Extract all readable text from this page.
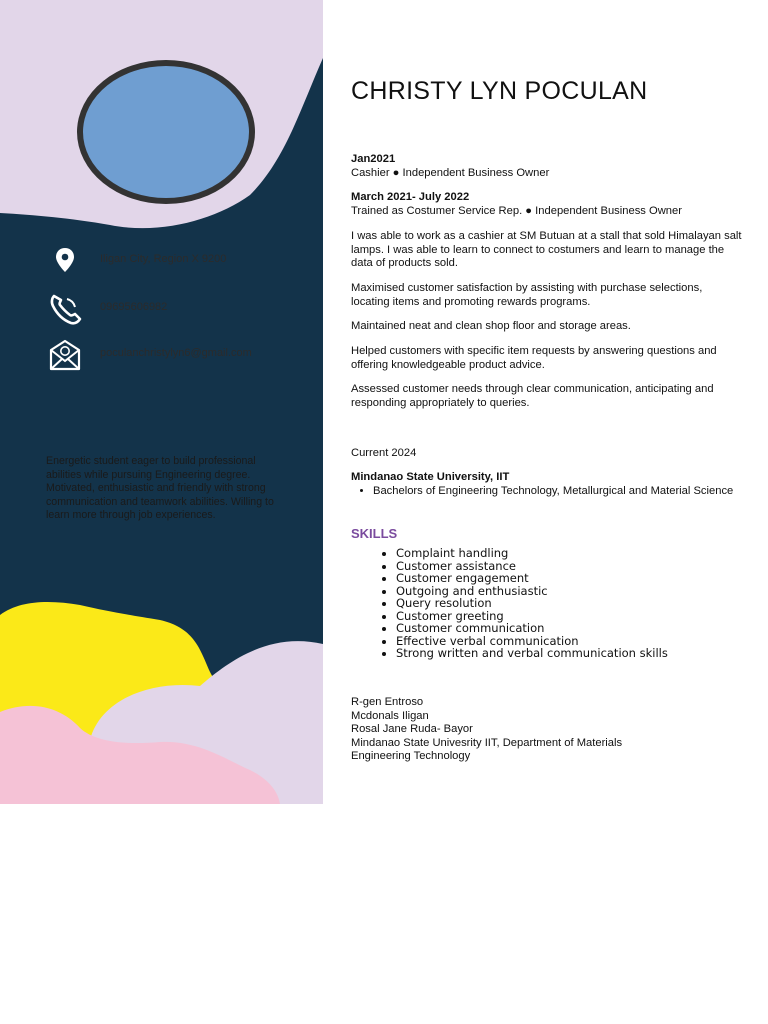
Iligan City, Region X 9200
09695606982
poculanchristylyn6@gmail.com
Energetic student eager to build professional abilities while pursuing Engineering degree. Motivated, enthusiastic and friendly with strong communication and teamwork abilities. Willing to learn more through job experiences.
CHRISTY LYN POCULAN
Jan2021
Cashier ● Independent Business Owner
March 2021- July 2022
Trained as Costumer Service Rep. ● Independent Business Owner
I was able to work as a cashier at SM Butuan at a stall that sold Himalayan salt lamps. I was able to learn to connect to costumers and learn to manage the data of products sold.
Maximised customer satisfaction by assisting with purchase selections, locating items and promoting rewards programs.
Maintained neat and clean shop floor and storage areas.
Helped customers with specific item requests by answering questions and offering knowledgeable product advice.
Assessed customer needs through clear communication, anticipating and responding appropriately to queries.
Current 2024
Mindanao State University, IIT
• Bachelors of Engineering Technology, Metallurgical and Material Science
SKILLS
• Complaint handling
• Customer assistance
• Customer engagement
• Outgoing and enthusiastic
• Query resolution
• Customer greeting
• Customer communication
• Effective verbal communication
• Strong written and verbal communication skills
R-gen Entroso
Mcdonals Iligan
Rosal Jane Ruda- Bayor
Mindanao State Univesrity IIT, Department of Materials Engineering Technology
